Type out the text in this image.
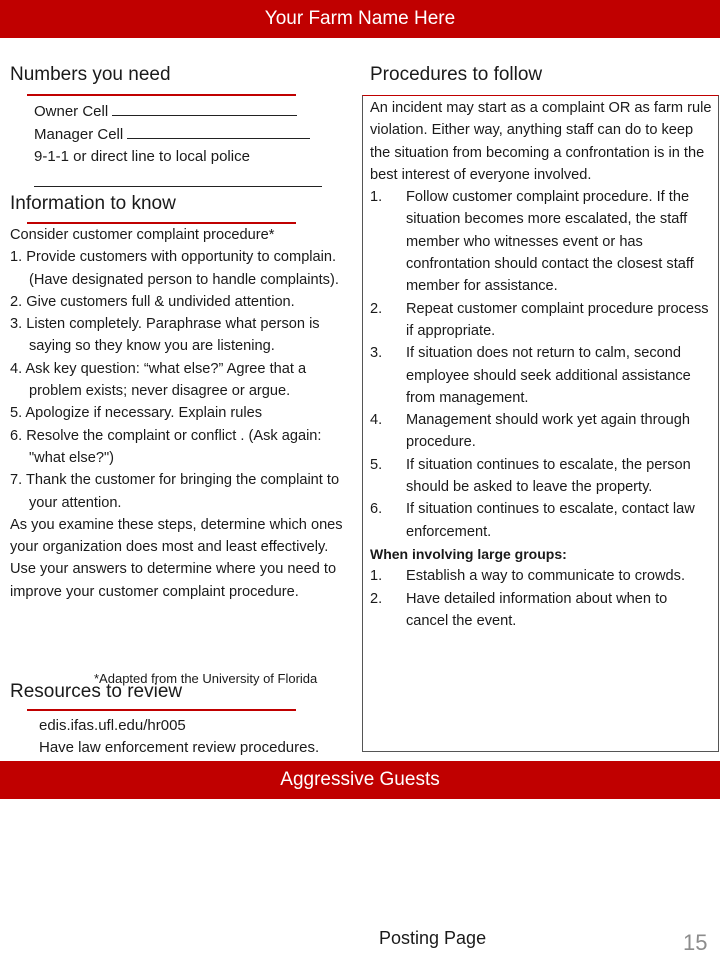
Your Farm Name Here
Numbers you need
Owner Cell
Manager Cell
9-1-1 or direct line to local police
Information to know

Consider customer complaint procedure*

1. Provide customers with opportunity to complain. (Have designated person to handle complaints).
2. Give customers full & undivided attention.
3. Listen completely. Paraphrase what person is saying so they know you are listening.
4. Ask key question: “what else?” Agree that a problem exists; never disagree or argue.
5. Apologize if necessary. Explain rules
6. Resolve the complaint or conflict . (Ask again: "what else?")
7. Thank the customer for bringing the complaint to your attention.

As you examine these steps, determine which ones your organization does most and least effectively. Use your answers to determine where you need to improve your customer complaint procedure.

*Adapted from the University of Florida
Resources to review
edis.ifas.ufl.edu/hr005
Have law enforcement review procedures.
Procedures to follow

An incident may start as a complaint OR as farm rule violation. Either way, anything staff can do to keep the situation from becoming a confrontation is in the best interest of everyone involved.

1. Follow customer complaint procedure. If the situation becomes more escalated, the staff member who witnesses event or has confrontation should contact the closest staff member for assistance.
2. Repeat customer complaint procedure process if appropriate.
3. If situation does not return to calm, second employee should seek additional assistance from management.
4. Management should work yet again through procedure.
5. If situation continues to escalate, the person should be asked to leave the property.
6. If situation continues to escalate, contact law enforcement.

When involving large groups:

1. Establish a way to communicate to crowds.
2. Have detailed information about when to cancel the event.
Aggressive Guests
Posting Page	15
